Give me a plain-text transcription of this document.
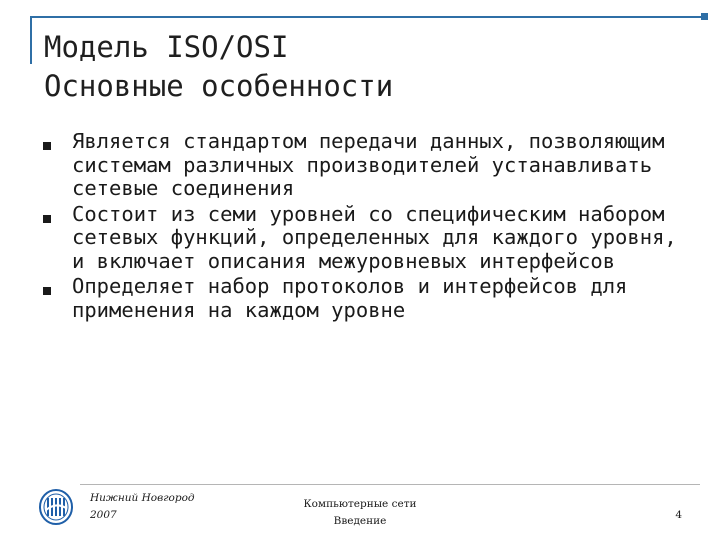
Модель ISO/OSI
Основные особенности
Является стандартом передачи данных, позволяющим системам различных производителей устанавливать сетевые соединения
Состоит из семи уровней со специфическим набором сетевых функций, определенных для каждого уровня, и включает описания межуровневых интерфейсов
Определяет набор протоколов и интерфейсов для применения на каждом уровне
Нижний Новгород
2007
Компьютерные сети
Введение	4
